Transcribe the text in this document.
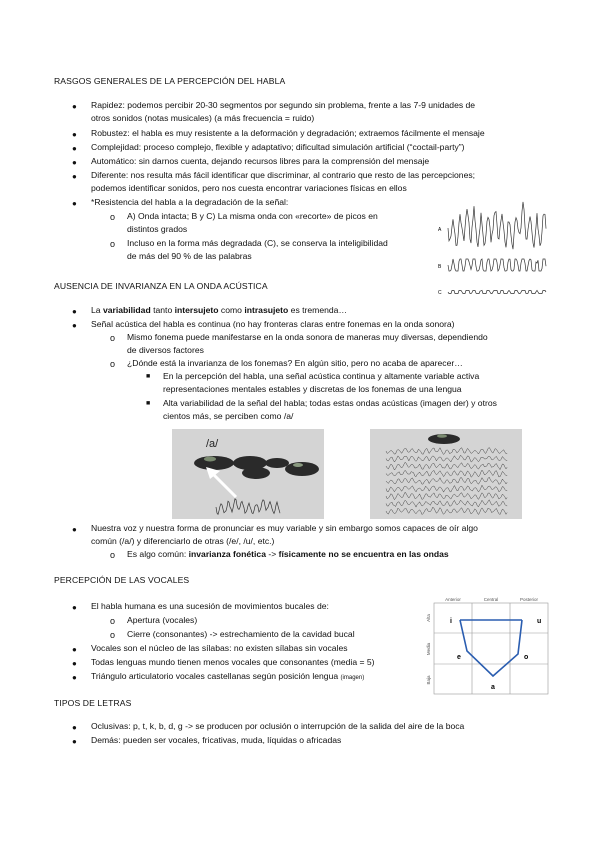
RASGOS GENERALES DE LA PERCEPCIÓN DEL HABLA
● Rapidez: podemos percibir 20-30 segmentos por segundo sin problema, frente a las 7-9 unidades de
otros sonidos (notas musicales) (a más frecuencia = ruido)
● Robustez: el habla es muy resistente a la deformación y degradación; extraemos fácilmente el mensaje
● Complejidad: proceso complejo, flexible y adaptativo; dificultad simulación artificial (“coctail-party”)
● Automático: sin darnos cuenta, dejando recursos libres para la comprensión del mensaje
● Diferente: nos resulta más fácil identificar que discriminar, al contrario que resto de las percepciones;
podemos identificar sonidos, pero nos cuesta encontrar variaciones físicas en ellos
● *Resistencia del habla a la degradación de la señal:
o A) Onda intacta; B y C) La misma onda con «recorte» de picos en
distintos grados
o Incluso en la forma más degradada (C), se conserva la inteligibilidad
de más del 90 % de las palabras
A
B
C
AUSENCIA DE INVARIANZA EN LA ONDA ACÚSTICA
● La variabilidad tanto intersujeto como intrasujeto es tremenda…
● Señal acústica del habla es continua (no hay fronteras claras entre fonemas en la onda sonora)
o Mismo fonema puede manifestarse en la onda sonora de maneras muy diversas, dependiendo
de diversos factores
o ¿Dónde está la invarianza de los fonemas? En algún sitio, pero no acaba de aparecer…
■ En la percepción del habla, una señal acústica continua y altamente variable activa
representaciones mentales estables y discretas de los fonemas de una lengua
■ Alta variabilidad de la señal del habla; todas estas ondas acústicas (imagen der) y otros
cientos más, se perciben como /a/
/a/
● Nuestra voz y nuestra forma de pronunciar es muy variable y sin embargo somos capaces de oír algo
común (/a/) y diferenciarlo de otras (/e/, /u/, etc.)
o Es algo común: invarianza fonética -> físicamente no se encuentra en las ondas
PERCEPCIÓN DE LAS VOCALES
● El habla humana es una sucesión de movimientos bucales de:
o Apertura (vocales)
o Cierre (consonantes) -> estrechamiento de la cavidad bucal
● Vocales son el núcleo de las sílabas: no existen sílabas sin vocales
● Todas lenguas mundo tienen menos vocales que consonantes (media = 5)
● Triángulo articulatorio vocales castellanas según posición lengua (imagen)
Anterior	Central	Posterior
Alta
Media
Baja
i
e
a
o
u
TIPOS DE LETRAS
● Oclusivas: p, t, k, b, d, g -> se producen por oclusión o interrupción de la salida del aire de la boca
● Demás: pueden ser vocales, fricativas, muda, líquidas o africadas
